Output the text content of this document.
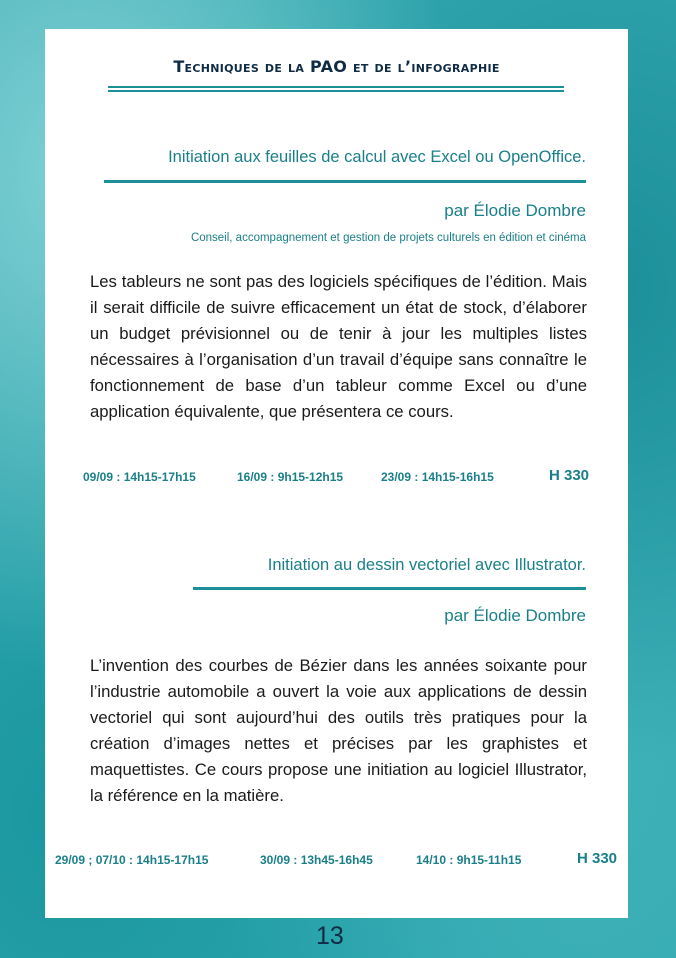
Techniques de la PAO et de l’infographie
Initiation aux feuilles de calcul avec Excel ou OpenOffice.
par Élodie Dombre
Conseil, accompagnement et gestion de projets culturels en édition et cinéma
Les tableurs ne sont pas des logiciels spécifiques de l’édition. Mais il serait difficile de suivre efficacement un état de stock, d’élaborer un budget prévisionnel ou de tenir à jour les multiples listes nécessaires à l’organisation d’un travail d’équipe sans connaître le fonctionnement de base d’un tableur comme Excel ou d’une application équivalente, que présentera ce cours.
09/09 : 14h15-17h15	16/09 : 9h15-12h15	23/09 : 14h15-16h15	H 330
Initiation au dessin vectoriel avec Illustrator.
par Élodie Dombre
L’invention des courbes de Bézier dans les années soixante pour l’industrie automobile a ouvert la voie aux applications de dessin vectoriel qui sont aujourd’hui des outils très pratiques pour la création d’images nettes et précises par les graphistes et maquettistes. Ce cours propose une initiation au logiciel Illustrator, la référence en la matière.
29/09 ; 07/10 : 14h15-17h15	30/09 : 13h45-16h45	14/10 : 9h15-11h15	H 330
13
